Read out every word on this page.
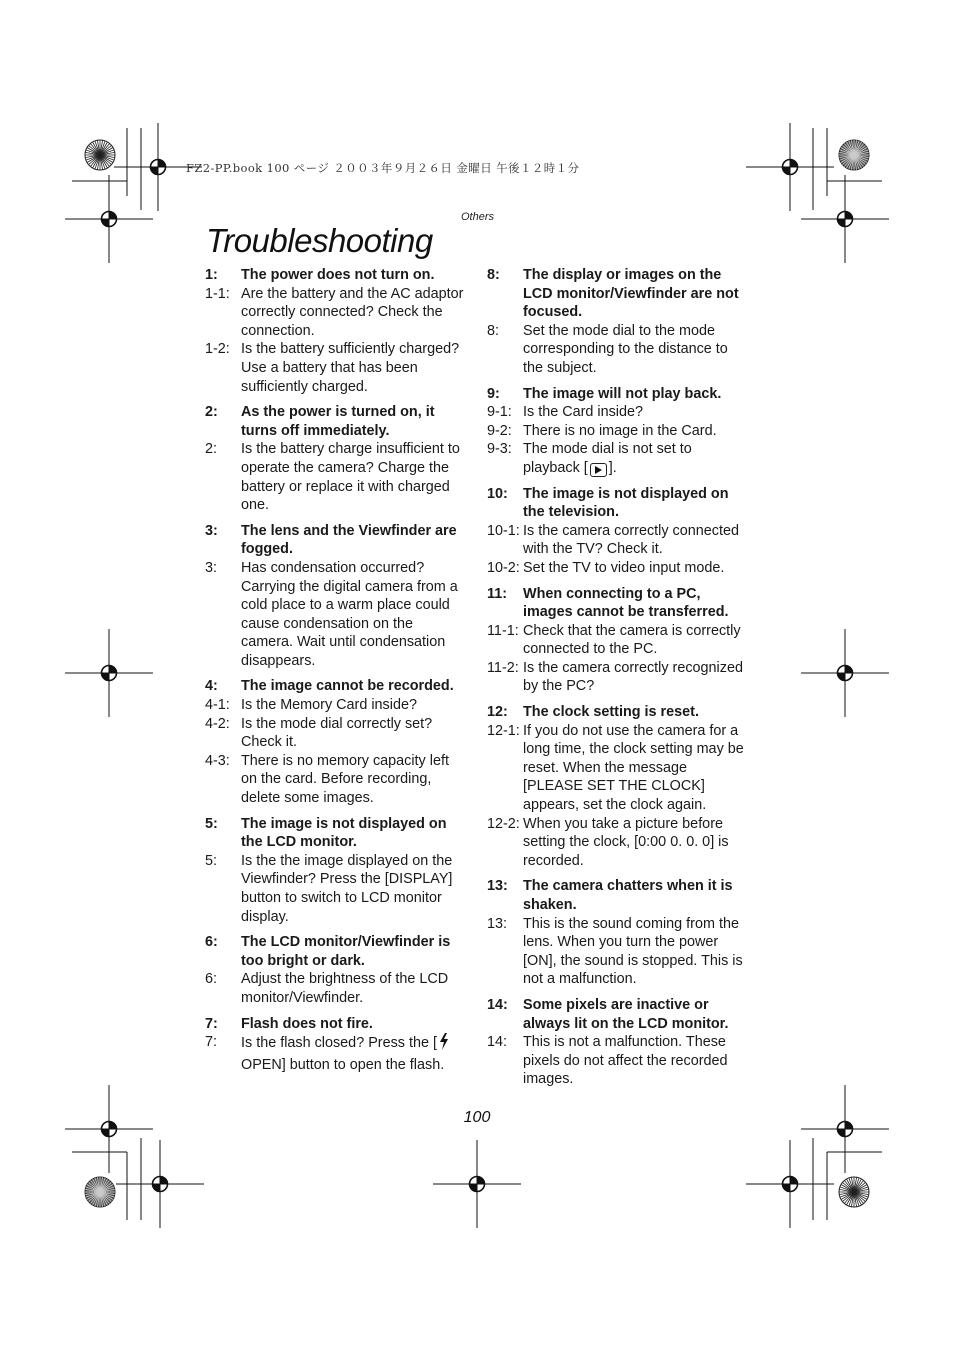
FZ2-PP.book 100 ページ ２００３年９月２６日 金曜日 午後１２時１分
Others
Troubleshooting
1:	The power does not turn on.
1-1: Are the battery and the AC adaptor correctly connected? Check the connection.
1-2: Is the battery sufficiently charged? Use a battery that has been sufficiently charged.
2:	As the power is turned on, it turns off immediately.
2:	Is the battery charge insufficient to operate the camera? Charge the battery or replace it with charged one.
3:	The lens and the Viewfinder are fogged.
3:	Has condensation occurred? Carrying the digital camera from a cold place to a warm place could cause condensation on the camera. Wait until condensation disappears.
4:	The image cannot be recorded.
4-1: Is the Memory Card inside?
4-2: Is the mode dial correctly set? Check it.
4-3: There is no memory capacity left on the card. Before recording, delete some images.
5:	The image is not displayed on the LCD monitor.
5:	Is the the image displayed on the Viewfinder? Press the [DISPLAY] button to switch to LCD monitor display.
6:	The LCD monitor/Viewfinder is too bright or dark.
6:	Adjust the brightness of the LCD monitor/Viewfinder.
7:	Flash does not fire.
7:	Is the flash closed? Press the [ OPEN] button to open the flash.
8:	The display or images on the LCD monitor/Viewfinder are not focused.
8:	Set the mode dial to the mode corresponding to the distance to the subject.
9:	The image will not play back.
9-1: Is the Card inside?
9-2: There is no image in the Card.
9-3: The mode dial is not set to playback [ ].
10:	The image is not displayed on the television.
10-1: Is the camera correctly connected with the TV? Check it.
10-2: Set the TV to video input mode.
11:	When connecting to a PC, images cannot be transferred.
11-1: Check that the camera is correctly connected to the PC.
11-2: Is the camera correctly recognized by the PC?
12:	The clock setting is reset.
12-1: If you do not use the camera for a long time, the clock setting may be reset. When the message [PLEASE SET THE CLOCK] appears, set the clock again.
12-2: When you take a picture before setting the clock, [0:00 0. 0. 0] is recorded.
13:	The camera chatters when it is shaken.
13:	This is the sound coming from the lens. When you turn the power [ON], the sound is stopped. This is not a malfunction.
14:	Some pixels are inactive or always lit on the LCD monitor.
14:	This is not a malfunction. These pixels do not affect the recorded images.
100
